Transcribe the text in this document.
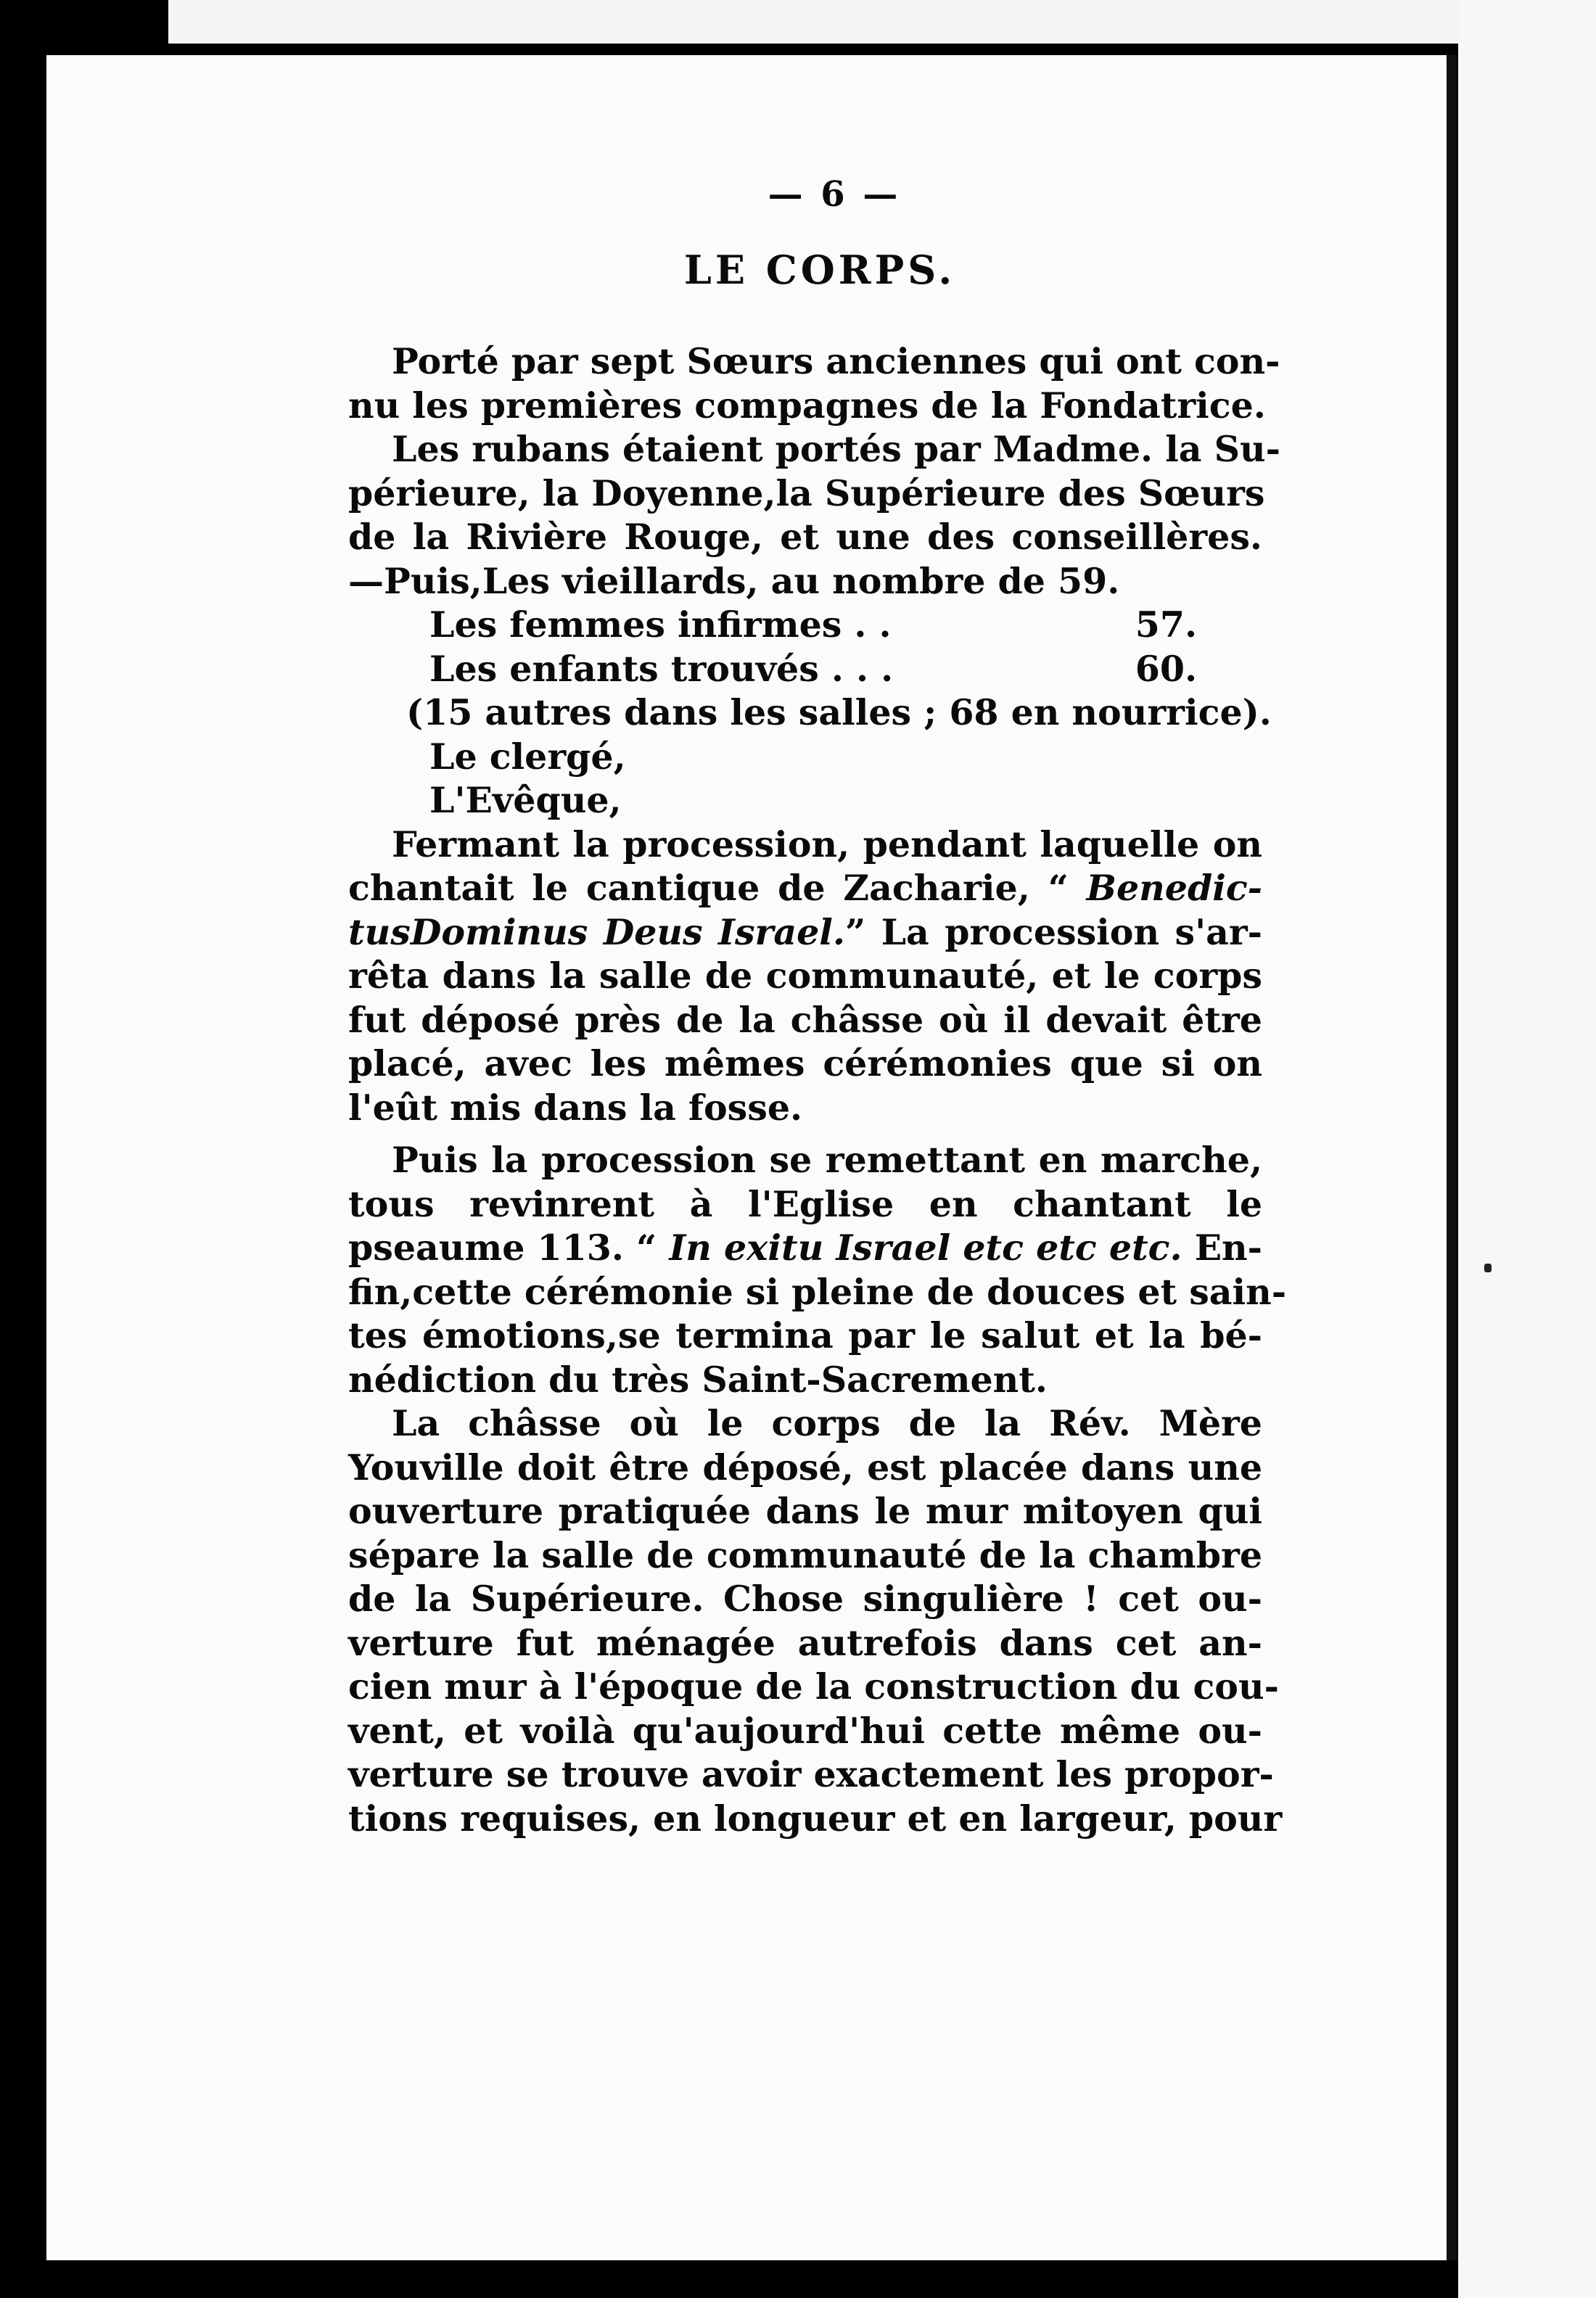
— 6 —
LE CORPS.
Porté par sept Sœurs anciennes qui ont con-
nu les premières compagnes de la Fondatrice.
Les rubans étaient portés par Madme. la Su-
périeure, la Doyenne,la Supérieure des Sœurs
de la Rivière Rouge, et une des conseillères.
—Puis,Les vieillards, au nombre de 59.
Les femmes infirmes . .	57.
Les enfants trouvés . . .	60.
(15 autres dans les salles ; 68 en nourrice).
Le clergé,
L'Evêque,
Fermant la procession, pendant laquelle on
chantait le cantique de Zacharie, “ Benedic-
tusDominus Deus Israel.” La procession s'ar-
rêta dans la salle de communauté, et le corps
fut déposé près de la châsse où il devait être
placé, avec les mêmes cérémonies que si on
l'eût mis dans la fosse.
Puis la procession se remettant en marche,
tous revinrent à l'Eglise en chantant le
pseaume 113. “ In exitu Israel etc etc etc. En-
fin,cette cérémonie si pleine de douces et sain-
tes émotions,se termina par le salut et la bé-
nédiction du très Saint-Sacrement.
La châsse où le corps de la Rév. Mère
Youville doit être déposé, est placée dans une
ouverture pratiquée dans le mur mitoyen qui
sépare la salle de communauté de la chambre
de la Supérieure. Chose singulière ! cet ou-
verture fut ménagée autrefois dans cet an-
cien mur à l'époque de la construction du cou-
vent, et voilà qu'aujourd'hui cette même ou-
verture se trouve avoir exactement les propor-
tions requises, en longueur et en largeur, pour
